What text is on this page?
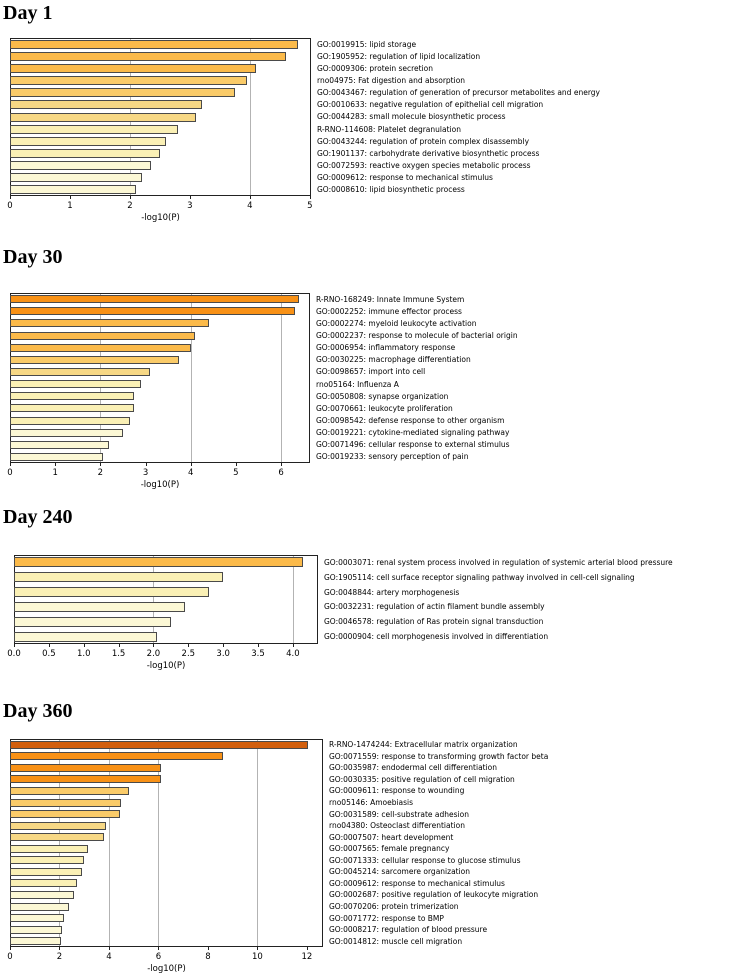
Day 1
-log10(P)
GO:0019915: lipid storage
GO:1905952: regulation of lipid localization
GO:0009306: protein secretion
rno04975: Fat digestion and absorption
GO:0043467: regulation of generation of precursor metabolites and energy
GO:0010633: negative regulation of epithelial cell migration
GO:0044283: small molecule biosynthetic process
R-RNO-114608: Platelet degranulation
GO:0043244: regulation of protein complex disassembly
GO:1901137: carbohydrate derivative biosynthetic process
GO:0072593: reactive oxygen species metabolic process
GO:0009612: response to mechanical stimulus
GO:0008610: lipid biosynthetic process
0	1	2	3	4	5
Day 30
-log10(P)
R-RNO-168249: Innate Immune System
GO:0002252: immune effector process
GO:0002274: myeloid leukocyte activation
GO:0002237: response to molecule of bacterial origin
GO:0006954: inflammatory response
GO:0030225: macrophage differentiation
GO:0098657: import into cell
rno05164: Influenza A
GO:0050808: synapse organization
GO:0070661: leukocyte proliferation
GO:0098542: defense response to other organism
GO:0019221: cytokine-mediated signaling pathway
GO:0071496: cellular response to external stimulus
GO:0019233: sensory perception of pain
0	1	2	3	4	5	6
Day 240
-log10(P)
GO:0003071: renal system process involved in regulation of systemic arterial blood pressure
GO:1905114: cell surface receptor signaling pathway involved in cell-cell signaling
GO:0048844: artery morphogenesis
GO:0032231: regulation of actin filament bundle assembly
GO:0046578: regulation of Ras protein signal transduction
GO:0000904: cell morphogenesis involved in differentiation
0.0	0.5	1.0	1.5	2.0	2.5	3.0	3.5	4.0
Day 360
-log10(P)
R-RNO-1474244: Extracellular matrix organization
GO:0071559: response to transforming growth factor beta
GO:0035987: endodermal cell differentiation
GO:0030335: positive regulation of cell migration
GO:0009611: response to wounding
rno05146: Amoebiasis
GO:0031589: cell-substrate adhesion
rno04380: Osteoclast differentiation
GO:0007507: heart development
GO:0007565: female pregnancy
GO:0071333: cellular response to glucose stimulus
GO:0045214: sarcomere organization
GO:0009612: response to mechanical stimulus
GO:0002687: positive regulation of leukocyte migration
GO:0070206: protein trimerization
GO:0071772: response to BMP
GO:0008217: regulation of blood pressure
GO:0014812: muscle cell migration
0	2	4	6	8	10	12
